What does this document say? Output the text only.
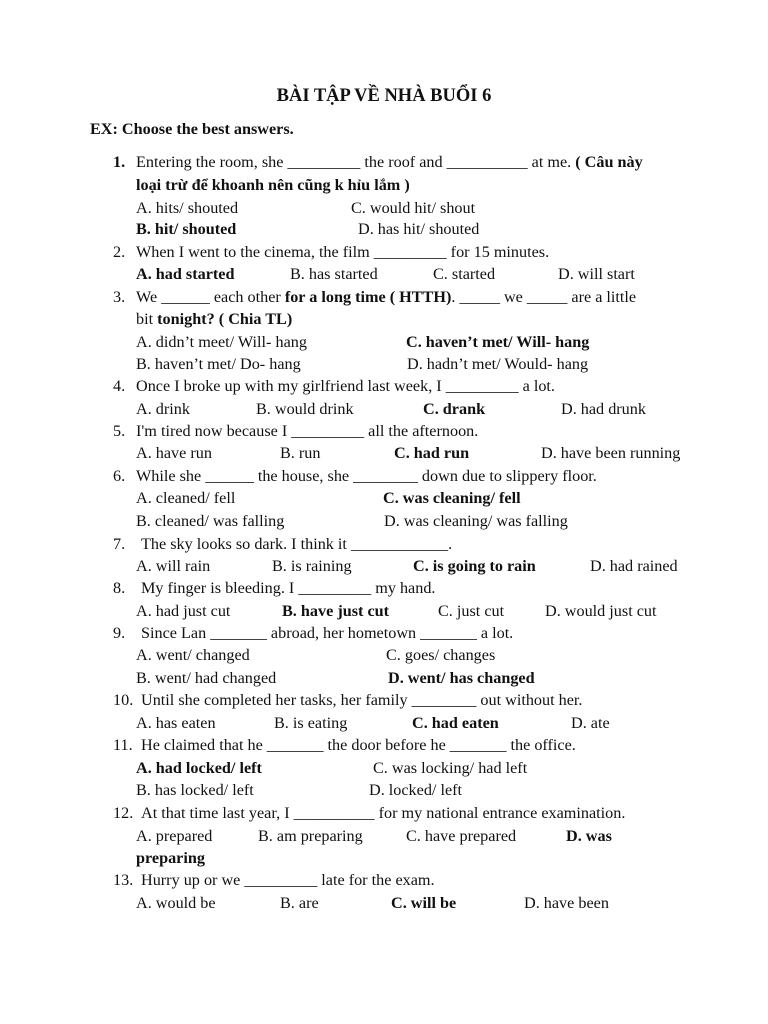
BÀI TẬP VỀ NHÀ BUỔI 6
EX: Choose the best answers.
1. Entering the room, she _________ the roof and __________ at me. ( Câu này
loại trừ để khoanh nên cũng k hỉu lắm )
A. hits/ shouted
B. hit/ shouted
C. would hit/ shout
D. has hit/ shouted
2. When I went to the cinema, the film _________ for 15 minutes.
A. had started	B. has started	C. started	D. will start
3. We ______ each other for a long time ( HTTH). _____ we _____ are a little
bit tonight? ( Chia TL)
A. didn’t meet/ Will- hang
B. haven’t met/ Do- hang
C. haven’t met/ Will- hang
D. hadn’t met/ Would- hang
4. Once I broke up with my girlfriend last week, I _________ a lot.
A. drink	B. would drink	C. drank	D. had drunk
5. I'm tired now because I _________ all the afternoon.
A. have run	B. run	C. had run	D. have been running
6. While she ______ the house, she ________ down due to slippery floor.
A. cleaned/ fell
B. cleaned/ was falling
C. was cleaning/ fell
D. was cleaning/ was falling
7. The sky looks so dark. I think it ____________.
A. will rain	B. is raining	C. is going to rain	D. had rained
8. My finger is bleeding. I _________ my hand.
A. had just cut	B. have just cut	C. just cut	D. would just cut
9. Since Lan _______ abroad, her hometown _______ a lot.
A. went/ changed
B. went/ had changed
C. goes/ changes
D. went/ has changed
10. Until she completed her tasks, her family ________ out without her.
A. has eaten	B. is eating	C. had eaten	D. ate
11. He claimed that he _______ the door before he _______ the office.
A. had locked/ left
B. has locked/ left
C. was locking/ had left
D. locked/ left
12. At that time last year, I __________ for my national entrance examination.
A. prepared	B. am preparing	C. have prepared	D. was
preparing
13. Hurry up or we _________ late for the exam.
A. would be	B. are	C. will be	D. have been
